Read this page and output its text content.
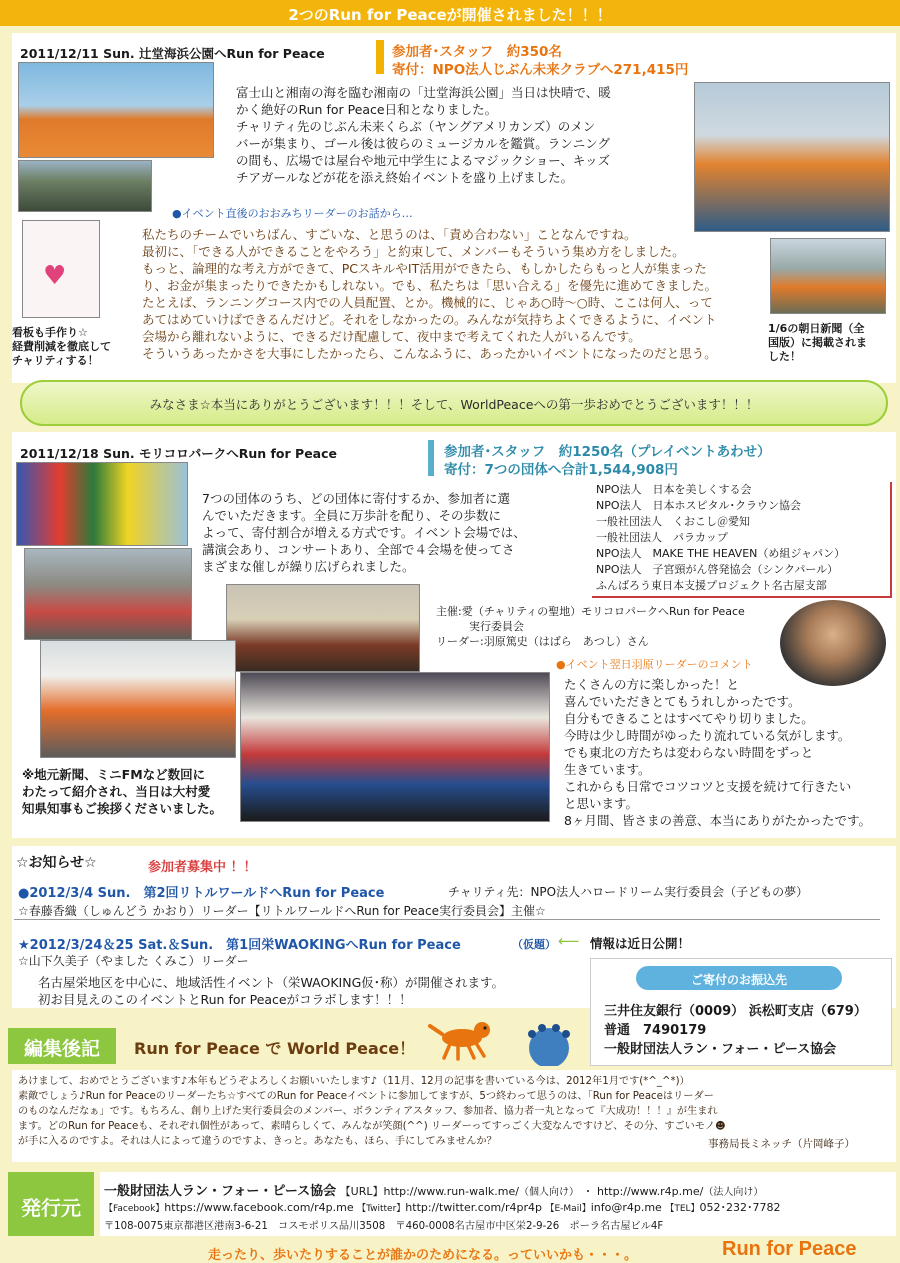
2つのRun for Peaceが開催されました！！！
2011/12/11 Sun. 辻堂海浜公園へRun for Peace	参加者･スタッフ　約350名
寄付：NPO法人じぶん未来クラブへ271,415円
富士山と湘南の海を臨む湘南の「辻堂海浜公園」当日は快晴で、暖
かく絶好のRun for Peace日和となりました。
チャリティ先のじぶん未来くらぶ（ヤングアメリカンズ）のメン
バーが集まり、ゴール後は彼らのミュージカルを鑑賞。ランニング
の間も、広場では屋台や地元中学生によるマジックショー、キッズ
チアガールなどが花を添え終始イベントを盛り上げました。
●イベント直後のおおみちリーダーのお話から…
♥
看板も手作り☆
経費削減を徹底して
チャリティする！
私たちのチームでいちばん、すごいな、と思うのは、「責め合わない」ことなんですね。
最初に、「できる人ができることをやろう」と約束して、メンバーもそういう集め方をしました。
もっと、論理的な考え方ができて、PCスキルやIT活用ができたら、もしかしたらもっと人が集まった
り、お金が集まったりできたかもしれない。でも、私たちは「思い合える」を優先に進めてきました。
たとえば、ランニングコース内での人員配置、とか。機械的に、じゃあ○時～○時、ここは何人、って
あてはめていけばできるんだけど。それをしなかったの。みんなが気持ちよくできるように、イベント
会場から離れないように、できるだけ配慮して、夜中まで考えてくれた人がいるんです。
そういうあったかさを大事にしたかったら、こんなふうに、あったかいイベントになったのだと思う。
1/6の朝日新聞（全
国版）に掲載されま
した！
みなさま☆本当にありがとうございます！！！そして、WorldPeaceへの第一歩おめでとうございます！！！
2011/12/18 Sun. モリコロパークへRun for Peace	参加者･スタッフ　約1250名（プレイベントあわせ）
寄付：7つの団体へ合計1,544,908円
7つの団体のうち、どの団体に寄付するか、参加者に選
んでいただきます。全員に万歩計を配り、その歩数に
よって、寄付割合が増える方式です。イベント会場では、
講演会あり、コンサートあり、全部で４会場を使ってさ
まざまな催しが繰り広げられました。
NPO法人　日本を美しくする会
NPO法人　日本ホスピタル･クラウン協会
一般社団法人　くおこし＠愛知
一般社団法人　パラカップ
NPO法人　MAKE THE HEAVEN（め組ジャパン）
NPO法人　子宮頸がん啓発協会（シンクパール）
ふんばろう東日本支援プロジェクト名古屋支部
主催:愛（チャリティの聖地）モリコロパークへRun for Peace
　　　実行委員会
リーダー:羽原篤史（はばら　あつし）さん
●イベント翌日羽原リーダーのコメント
たくさんの方に楽しかった！と
喜んでいただきとてもうれしかったです。
自分もできることはすべてやり切りました。
今時は少し時間がゆったり流れている気がします。
でも東北の方たちは変わらない時間をずっと
生きています。
これからも日常でコツコツと支援を続けて行きたい
と思います。
8ヶ月間、皆さまの善意、本当にありがたかったです。
※地元新聞、ミニFMなど数回に
わたって紹介され、当日は大村愛
知県知事もご挨拶くださいました。
☆お知らせ☆	参加者募集中 ！！
●2012/3/4 Sun.　第2回リトルワールドへRun for Peace	チャリティ先：NPO法人ハロードリーム実行委員会（子どもの夢）
☆春藤香織（しゅんどう かおり）リーダー【リトルワールドへRun for Peace実行委員会】主催☆
★2012/3/24＆25 Sat.＆Sun.　第1回栄WAOKINGへRun for Peace	（仮題） ⟵ 情報は近日公開！
☆山下久美子（やました くみこ）リーダー
名古屋栄地区を中心に、地域活性イベント（栄WAOKING仮･称）が開催されます。
初お目見えのこのイベントとRun for Peaceがコラボします！！！
ご寄付のお振込先
三井住友銀行（0009） 浜松町支店（679）
普通　7490179
一般財団法人ラン・フォー・ピース協会
編集後記	Run for Peace で World Peace！
あけまして、おめでとうございます♪本年もどうぞよろしくお願いいたします♪（11月、12月の記事を書いている今は、2012年1月です(*^_^*)）
素敵でしょう♪Run for Peaceのリーダーたち☆すべてのRun for Peaceイベントに参加してますが、5つ終わって思うのは、「Run for Peaceはリーダー
のものなんだなぁ」です。もちろん、創り上げた実行委員会のメンバー、ボランティアスタッフ、参加者、協力者一丸となって『大成功！！！』が生まれ
ます。どのRun for Peaceも、それぞれ個性があって、素晴らしくて、みんなが笑顔(^^) リーダーってすっごく大変なんですけど、その分、すごいモノ☻
が手に入るのですよ。それは人によって違うのですよ、きっと。あなたも、ほら、手にしてみませんか？	事務局長ミネッチ（片岡峰子）
発行元
一般財団法人ラン・フォー・ピース協会 【URL】http://www.run-walk.me/（個人向け） ・ http://www.r4p.me/（法人向け）
【Facebook】https://www.facebook.com/r4p.me 【Twitter】http://twitter.com/r4pr4p 【E-Mail】info@r4p.me 【TEL】052･232･7782
〒108-0075東京都港区港南3-6-21　コスモポリス品川3508　〒460-0008名古屋市中区栄2-9-26　ポーラ名古屋ビル4F
走ったり、歩いたりすることが誰かのためになる。っていいかも・・・。	Run for Peace
